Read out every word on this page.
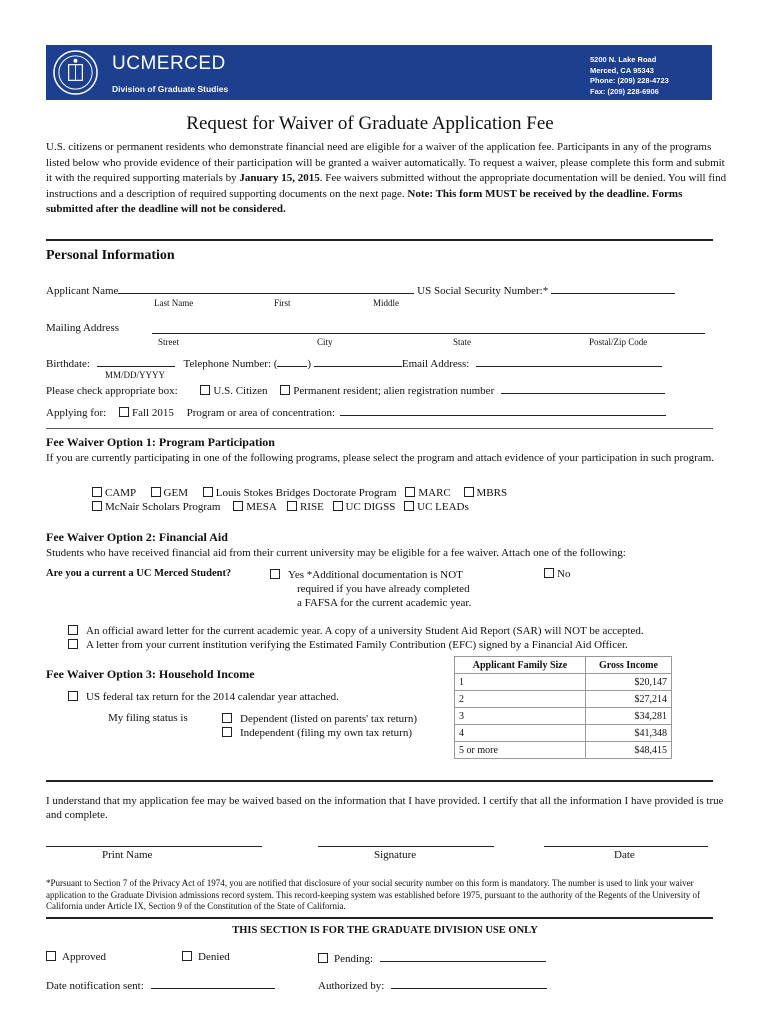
UCMERCED
Division of Graduate Studies
5200 N. Lake Road
Merced, CA 95343
Phone: (209) 228-4723
Fax: (209) 228-6906
Request for Waiver of Graduate Application Fee
U.S. citizens or permanent residents who demonstrate financial need are eligible for a waiver of the application fee. Participants in any of the programs listed below who provide evidence of their participation will be granted a waiver automatically. To request a waiver, please complete this form and submit it with the required supporting materials by January 15, 2015. Fee waivers submitted without the appropriate documentation will be denied. You will find instructions and a description of required supporting documents on the next page. Note: This form MUST be received by the deadline. Forms submitted after the deadline will not be considered.
Personal Information
Applicant Name	US Social Security Number:*
Last Name	First	Middle
Mailing Address
Street	City	State	Postal/Zip Code
Birthdate:	Telephone Number: (	)	Email Address:
MM/DD/YYYY
Please check appropriate box:	U.S. Citizen Permanent resident; alien registration number
Applying for: Fall 2015 Program or area of concentration:
Fee Waiver Option 1: Program Participation
If you are currently participating in one of the following programs, please select the program and attach evidence of your participation in such program.
CAMP	GEM	Louis Stokes Bridges Doctorate Program MARC MBRS
McNair Scholars Program MESA RISE UC DIGSS UC LEADs
Fee Waiver Option 2: Financial Aid
Students who have received financial aid from their current university may be eligible for a fee waiver. Attach one of the following:
Are you a current a UC Merced Student?	Yes *Additional documentation is NOT
required if you have already completed
a FAFSA for the current academic year.
No
An official award letter for the current academic year. A copy of a university Student Aid Report (SAR) will NOT be accepted.
A letter from your current institution verifying the Estimated Family Contribution (EFC) signed by a Financial Aid Officer.
Fee Waiver Option 3: Household Income
US federal tax return for the 2014 calendar year attached.
My filing status is	Dependent (listed on parents' tax return)
Independent (filing my own tax return)
Applicant Family Size	Gross Income
1	$20,147
2	$27,214
3	$34,281
4	$41,348
5 or more	$48,415
I understand that my application fee may be waived based on the information that I have provided. I certify that all the information I have provided is true and complete.
Print Name	Signature	Date
*Pursuant to Section 7 of the Privacy Act of 1974, you are notified that disclosure of your social security number on this form is mandatory. The number is used to link your waiver application to the Graduate Division admissions record system. This record-keeping system was established before 1975, pursuant to the authority of the Regents of the University of California under Article IX, Section 9 of the Constitution of the State of California.
THIS SECTION IS FOR THE GRADUATE DIVISION USE ONLY
Approved	Denied	Pending:
Date notification sent:	Authorized by:
